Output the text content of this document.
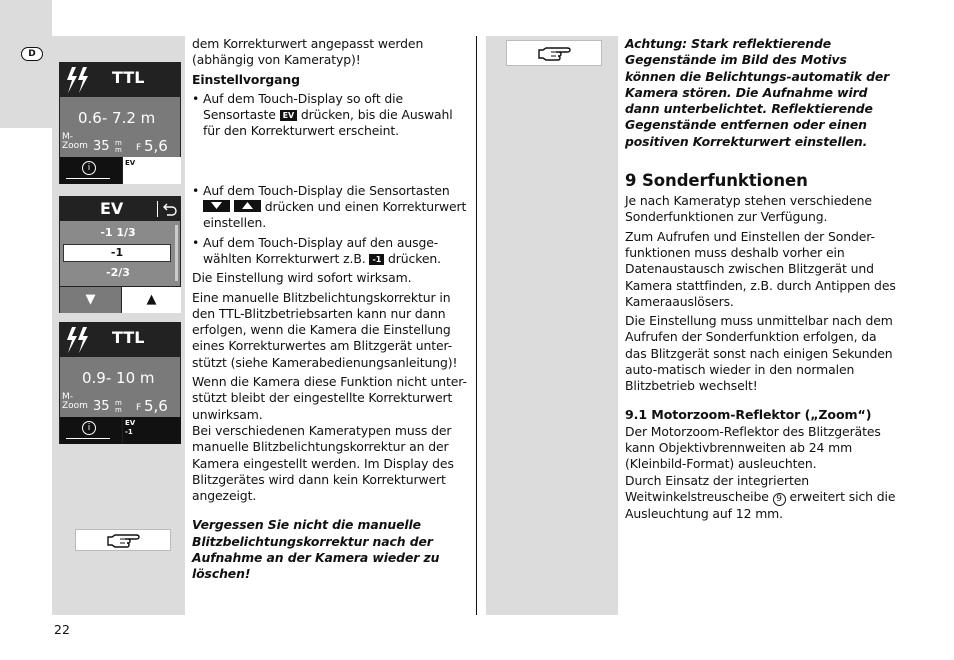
D
TTL
0.6- 7.2 m
M-
Zoom 35 m
m F 5,6
i	EV
EV
-1 1/3
-1
-2/3
▼	▲
TTL
0.9- 10 m
M-
Zoom 35 m
m F 5,6
i	EV
-1

dem Korrekturwert angepasst werden (abhängig von Kameratyp)!

Einstellvorgang

• Auf dem Touch-Display so oft die Sensortaste EV drücken, bis die Auswahl für den Korrekturwert erscheint.

• Auf dem Touch-Display die Sensortasten

drücken und einen Korrekturwert einstellen.

• Auf dem Touch-Display auf den ausge-wählten Korrekturwert z.B. -1 drücken.

Die Einstellung wird sofort wirksam.

Eine manuelle Blitzbelichtungskorrektur in den TTL-Blitzbetriebsarten kann nur dann erfolgen, wenn die Kamera die Einstellung eines Korrekturwertes am Blitzgerät unter-stützt (siehe Kamerabedienungsanleitung)!

Wenn die Kamera diese Funktion nicht unter-stützt bleibt der eingestellte Korrekturwert unwirksam.

Bei verschiedenen Kameratypen muss der manuelle Blitzbelichtungskorrektur an der Kamera eingestellt werden. Im Display des Blitzgerätes wird dann kein Korrekturwert angezeigt.

Vergessen Sie nicht die manuelle Blitzbelichtungskorrektur nach der Aufnahme an der Kamera wieder zu löschen!

Achtung: Stark reflektierende Gegenstände im Bild des Motivs können die Belichtungs-automatik der Kamera stören. Die Aufnahme wird dann unterbelichtet. Reflektierende Gegenstände entfernen oder einen positiven Korrekturwert einstellen.

9 Sonderfunktionen

Je nach Kameratyp stehen verschiedene Sonderfunktionen zur Verfügung.

Zum Aufrufen und Einstellen der Sonder-funktionen muss deshalb vorher ein Datenaustausch zwischen Blitzgerät und Kamera stattfinden, z.B. durch Antippen des Kameraauslösers.

Die Einstellung muss unmittelbar nach dem Aufrufen der Sonderfunktion erfolgen, da das Blitzgerät sonst nach einigen Sekunden auto-matisch wieder in den normalen Blitzbetrieb wechselt!

9.1 Motorzoom-Reflektor („Zoom“)

Der Motorzoom-Reflektor des Blitzgerätes kann Objektivbrennweiten ab 24 mm (Kleinbild-Format) ausleuchten.

Durch Einsatz der integrierten Weitwinkelstreuscheibe 9 erweitert sich die Ausleuchtung auf 12 mm.

22
